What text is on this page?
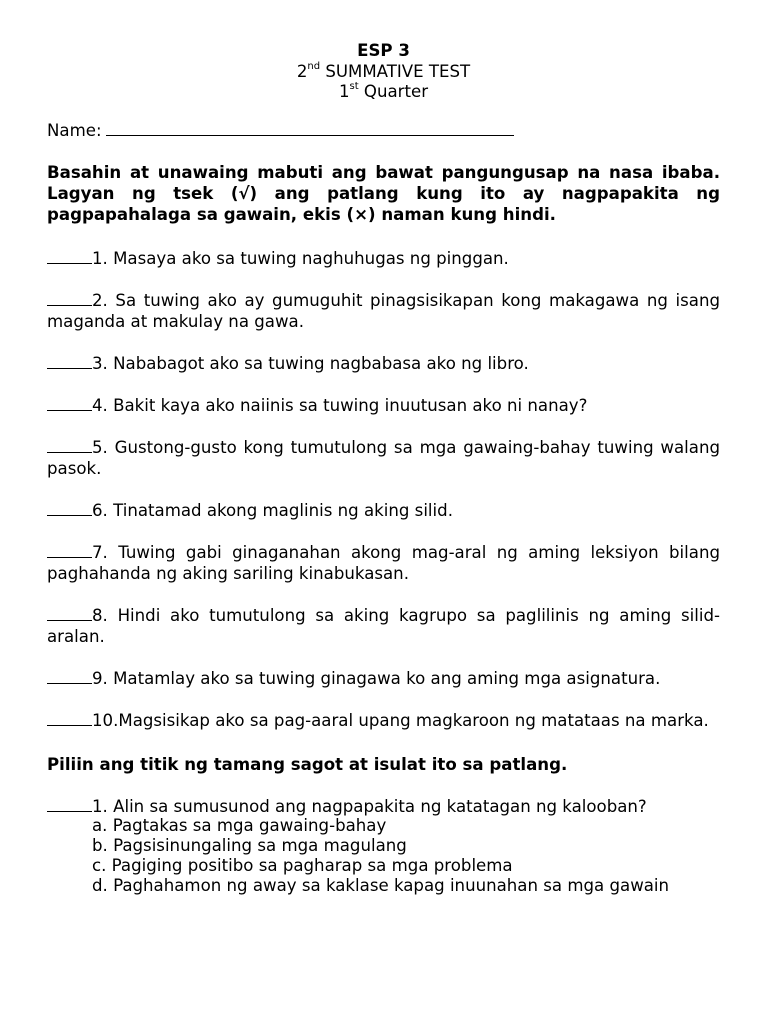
ESP 3
2nd SUMMATIVE TEST
1st Quarter
Name:
Basahin at unawaing mabuti ang bawat pangungusap na nasa ibaba. Lagyan ng tsek (√) ang patlang kung ito ay nagpapakita ng pagpapahalaga sa gawain, ekis (×) naman kung hindi.
1. Masaya ako sa tuwing naghuhugas ng pinggan.
2. Sa tuwing ako ay gumuguhit pinagsisikapan kong makagawa ng isang maganda at makulay na gawa.
3. Nababagot ako sa tuwing nagbabasa ako ng libro.
4. Bakit kaya ako naiinis sa tuwing inuutusan ako ni nanay?
5. Gustong-gusto kong tumutulong sa mga gawaing-bahay tuwing walang pasok.
6. Tinatamad akong maglinis ng aking silid.
7. Tuwing gabi ginaganahan akong mag-aral ng aming leksiyon bilang paghahanda ng aking sariling kinabukasan.
8. Hindi ako tumutulong sa aking kagrupo sa paglilinis ng aming silid-aralan.
9. Matamlay ako sa tuwing ginagawa ko ang aming mga asignatura.
10.Magsisikap ako sa pag-aaral upang magkaroon ng matataas na marka.
Piliin ang titik ng tamang sagot at isulat ito sa patlang.
1. Alin sa sumusunod ang nagpapakita ng katatagan ng kalooban?
a. Pagtakas sa mga gawaing-bahay
b. Pagsisinungaling sa mga magulang
c. Pagiging positibo sa pagharap sa mga problema
d. Paghahamon ng away sa kaklase kapag inuunahan sa mga gawain
